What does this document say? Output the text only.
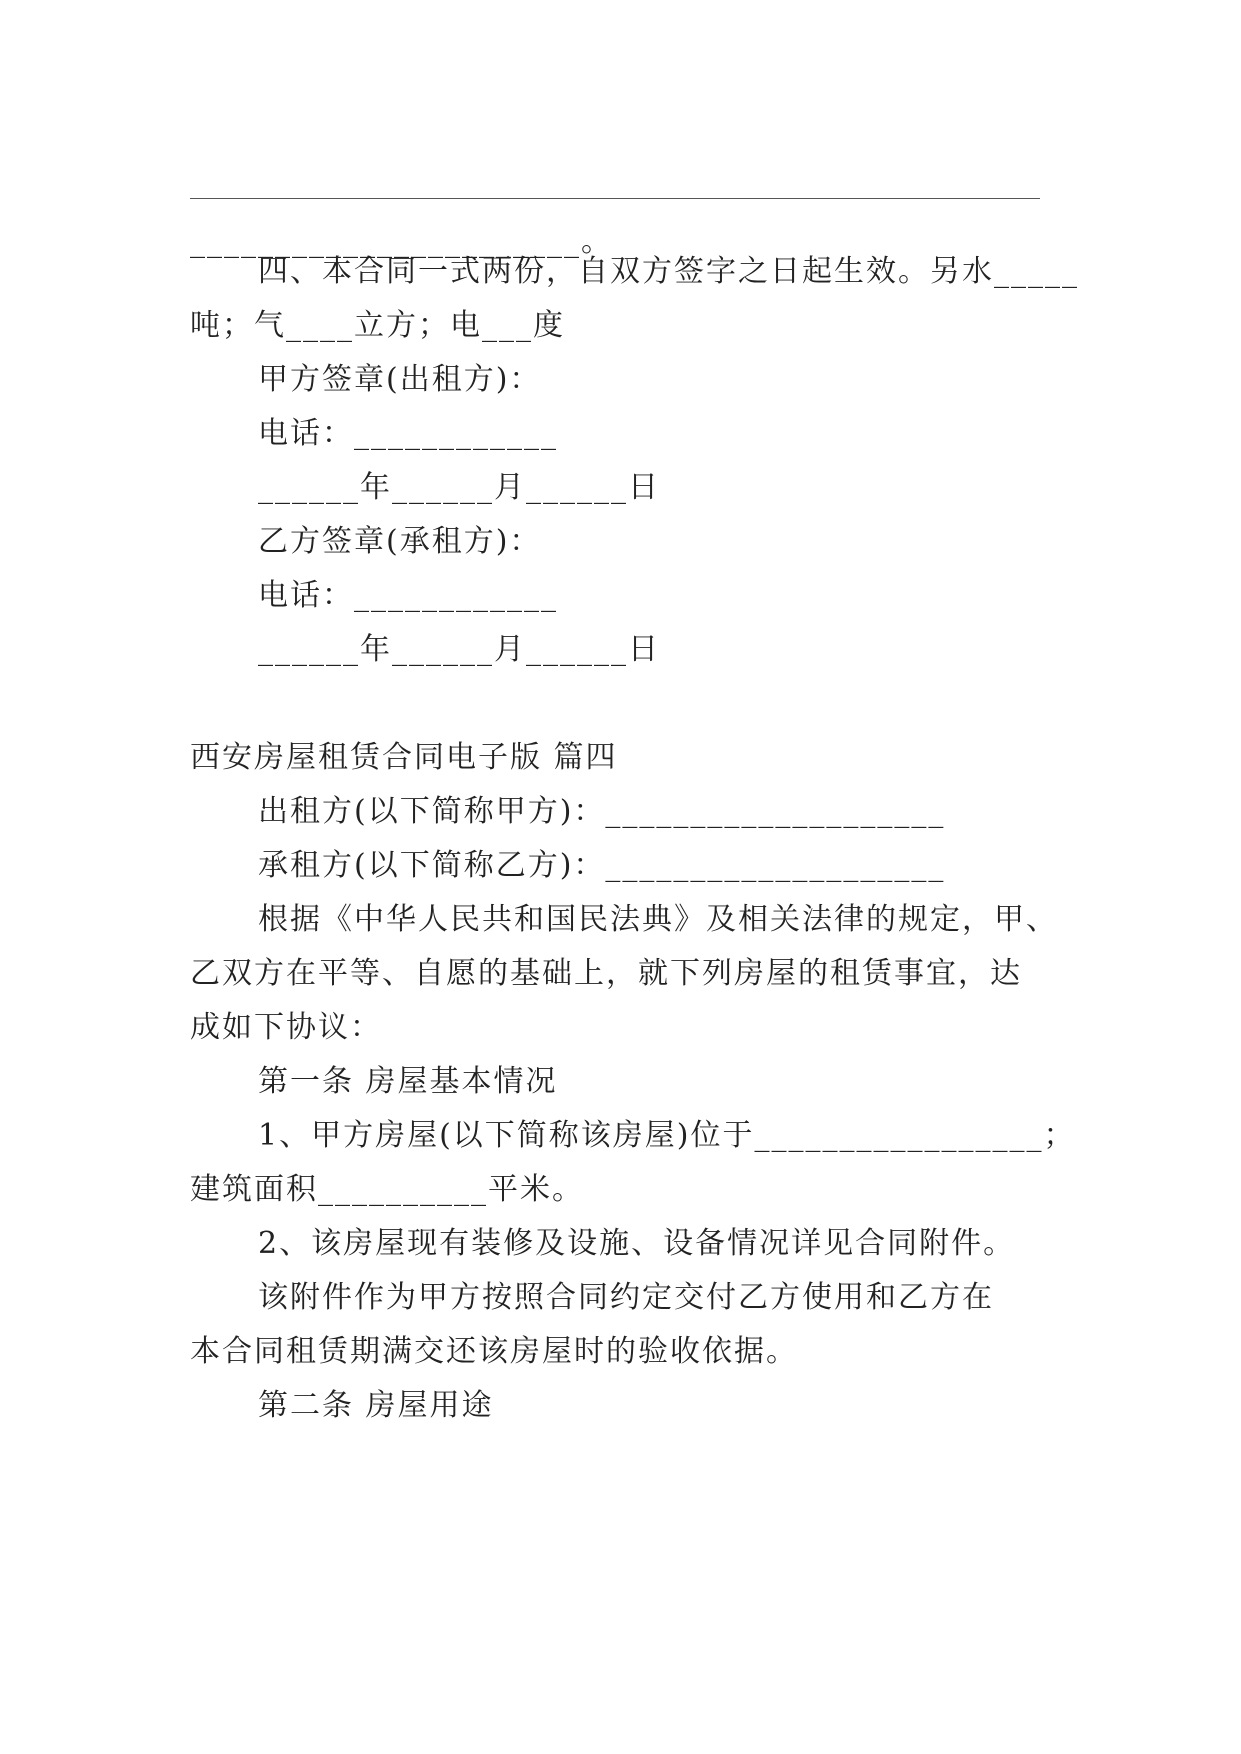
_______________________。
四、本合同一式两份，自双方签字之日起生效。另水_____
吨；气____立方；电___度
甲方签章(出租方)：
电话：____________
______年______月______日
乙方签章(承租方)：
电话：____________
______年______月______日
西安房屋租赁合同电子版 篇四
出租方(以下简称甲方)：____________________
承租方(以下简称乙方)：____________________
根据《中华人民共和国民法典》及相关法律的规定，甲、
乙双方在平等、自愿的基础上，就下列房屋的租赁事宜，达
成如下协议：
第一条 房屋基本情况
1、甲方房屋(以下简称该房屋)位于_________________；
建筑面积__________平米。
2、该房屋现有装修及设施、设备情况详见合同附件。
该附件作为甲方按照合同约定交付乙方使用和乙方在
本合同租赁期满交还该房屋时的验收依据。
第二条 房屋用途
